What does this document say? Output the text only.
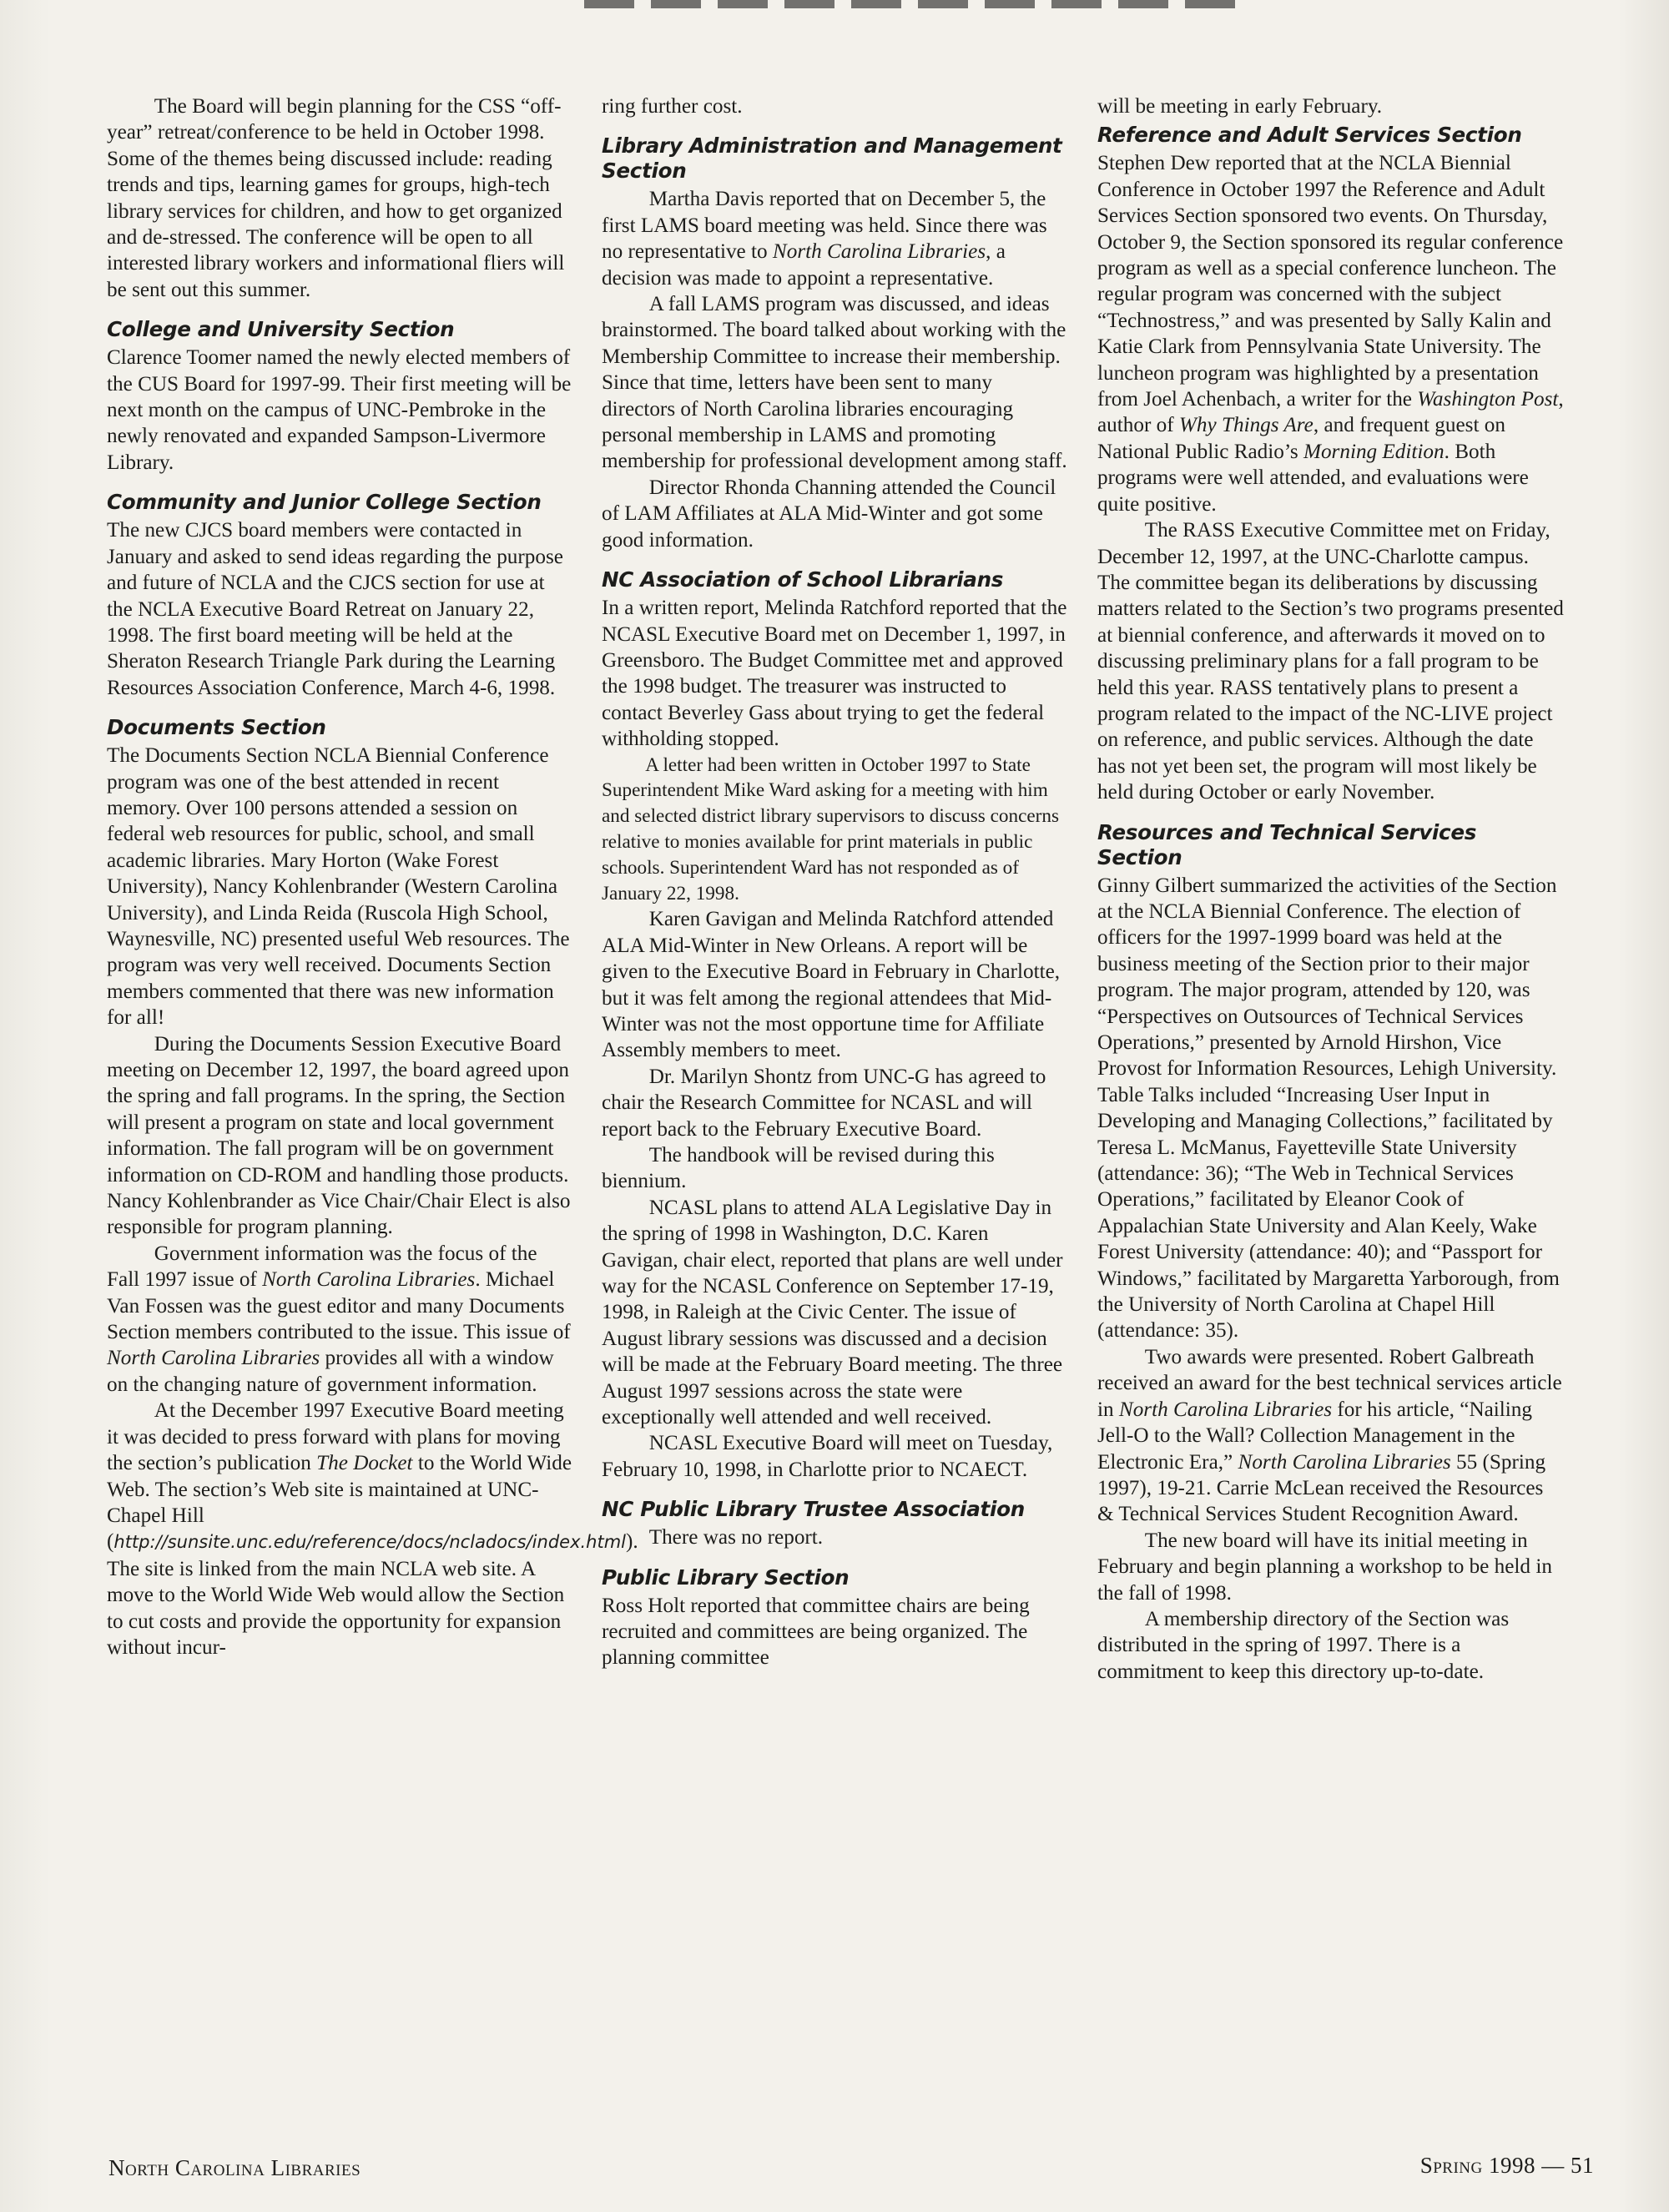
The Board will begin planning for the CSS “off-year” retreat/conference to be held in October 1998. Some of the themes being discussed include: reading trends and tips, learning games for groups, high-tech library services for children, and how to get organized and de-stressed. The conference will be open to all interested library workers and informational fliers will be sent out this summer.

College and University Section

Clarence Toomer named the newly elected members of the CUS Board for 1997-99. Their first meeting will be next month on the campus of UNC-Pembroke in the newly renovated and expanded Sampson-Livermore Library.

Community and Junior College Section

The new CJCS board members were contacted in January and asked to send ideas regarding the purpose and future of NCLA and the CJCS section for use at the NCLA Executive Board Retreat on January 22, 1998. The first board meeting will be held at the Sheraton Research Triangle Park during the Learning Resources Association Conference, March 4-6, 1998.

Documents Section

The Documents Section NCLA Biennial Conference program was one of the best attended in recent memory. Over 100 persons attended a session on federal web resources for public, school, and small academic libraries. Mary Horton (Wake Forest University), Nancy Kohlenbrander (Western Carolina University), and Linda Reida (Ruscola High School, Waynesville, NC) presented useful Web resources. The program was very well received. Documents Section members commented that there was new information for all!

During the Documents Session Executive Board meeting on December 12, 1997, the board agreed upon the spring and fall programs. In the spring, the Section will present a program on state and local government information. The fall program will be on government information on CD-ROM and handling those products. Nancy Kohlenbrander as Vice Chair/Chair Elect is also responsible for program planning.

Government information was the focus of the Fall 1997 issue of North Carolina Libraries. Michael Van Fossen was the guest editor and many Documents Section members contributed to the issue. This issue of North Carolina Libraries provides all with a window on the changing nature of government information.

At the December 1997 Executive Board meeting it was decided to press forward with plans for moving the section’s publication The Docket to the World Wide Web. The section’s Web site is maintained at UNC-Chapel Hill (http://sunsite.unc.edu/reference/docs/ncladocs/index.html). The site is linked from the main NCLA web site. A move to the World Wide Web would allow the Section to cut costs and provide the opportunity for expansion without incur-

ring further cost.

Library Administration and Management Section

Martha Davis reported that on December 5, the first LAMS board meeting was held. Since there was no representative to North Carolina Libraries, a decision was made to appoint a representative.

A fall LAMS program was discussed, and ideas brainstormed. The board talked about working with the Membership Committee to increase their membership. Since that time, letters have been sent to many directors of North Carolina libraries encouraging personal membership in LAMS and promoting membership for professional development among staff.

Director Rhonda Channing attended the Council of LAM Affiliates at ALA Mid-Winter and got some good information.

NC Association of School Librarians

In a written report, Melinda Ratchford reported that the NCASL Executive Board met on December 1, 1997, in Greensboro. The Budget Committee met and approved the 1998 budget. The treasurer was instructed to contact Beverley Gass about trying to get the federal withholding stopped.

A letter had been written in October 1997 to State Superintendent Mike Ward asking for a meeting with him and selected district library supervisors to discuss concerns relative to monies available for print materials in public schools. Superintendent Ward has not responded as of January 22, 1998.

Karen Gavigan and Melinda Ratchford attended ALA Mid-Winter in New Orleans. A report will be given to the Executive Board in February in Charlotte, but it was felt among the regional attendees that Mid-Winter was not the most opportune time for Affiliate Assembly members to meet.

Dr. Marilyn Shontz from UNC-G has agreed to chair the Research Committee for NCASL and will report back to the February Executive Board.

The handbook will be revised during this biennium.

NCASL plans to attend ALA Legislative Day in the spring of 1998 in Washington, D.C. Karen Gavigan, chair elect, reported that plans are well under way for the NCASL Conference on September 17-19, 1998, in Raleigh at the Civic Center. The issue of August library sessions was discussed and a decision will be made at the February Board meeting. The three August 1997 sessions across the state were exceptionally well attended and well received.

NCASL Executive Board will meet on Tuesday, February 10, 1998, in Charlotte prior to NCAECT.

NC Public Library Trustee Association

There was no report.

Public Library Section

Ross Holt reported that committee chairs are being recruited and committees are being organized. The planning committee

will be meeting in early February.

Reference and Adult Services Section

Stephen Dew reported that at the NCLA Biennial Conference in October 1997 the Reference and Adult Services Section sponsored two events. On Thursday, October 9, the Section sponsored its regular conference program as well as a special conference luncheon. The regular program was concerned with the subject “Technostress,” and was presented by Sally Kalin and Katie Clark from Pennsylvania State University. The luncheon program was highlighted by a presentation from Joel Achenbach, a writer for the Washington Post, author of Why Things Are, and frequent guest on National Public Radio’s Morning Edition. Both programs were well attended, and evaluations were quite positive.

The RASS Executive Committee met on Friday, December 12, 1997, at the UNC-Charlotte campus. The committee began its deliberations by discussing matters related to the Section’s two programs presented at biennial conference, and afterwards it moved on to discussing preliminary plans for a fall program to be held this year. RASS tentatively plans to present a program related to the impact of the NC-LIVE project on reference, and public services. Although the date has not yet been set, the program will most likely be held during October or early November.

Resources and Technical Services Section

Ginny Gilbert summarized the activities of the Section at the NCLA Biennial Conference. The election of officers for the 1997-1999 board was held at the business meeting of the Section prior to their major program. The major program, attended by 120, was “Perspectives on Outsources of Technical Services Operations,” presented by Arnold Hirshon, Vice Provost for Information Resources, Lehigh University. Table Talks included “Increasing User Input in Developing and Managing Collections,” facilitated by Teresa L. McManus, Fayetteville State University (attendance: 36); “The Web in Technical Services Operations,” facilitated by Eleanor Cook of Appalachian State University and Alan Keely, Wake Forest University (attendance: 40); and “Passport for Windows,” facilitated by Margaretta Yarborough, from the University of North Carolina at Chapel Hill (attendance: 35).

Two awards were presented. Robert Galbreath received an award for the best technical services article in North Carolina Libraries for his article, “Nailing Jell-O to the Wall? Collection Management in the Electronic Era,” North Carolina Libraries 55 (Spring 1997), 19-21. Carrie McLean received the Resources & Technical Services Student Recognition Award.

The new board will have its initial meeting in February and begin planning a workshop to be held in the fall of 1998.

A membership directory of the Section was distributed in the spring of 1997. There is a commitment to keep this directory up-to-date.

North Carolina Libraries	Spring 1998 — 51
